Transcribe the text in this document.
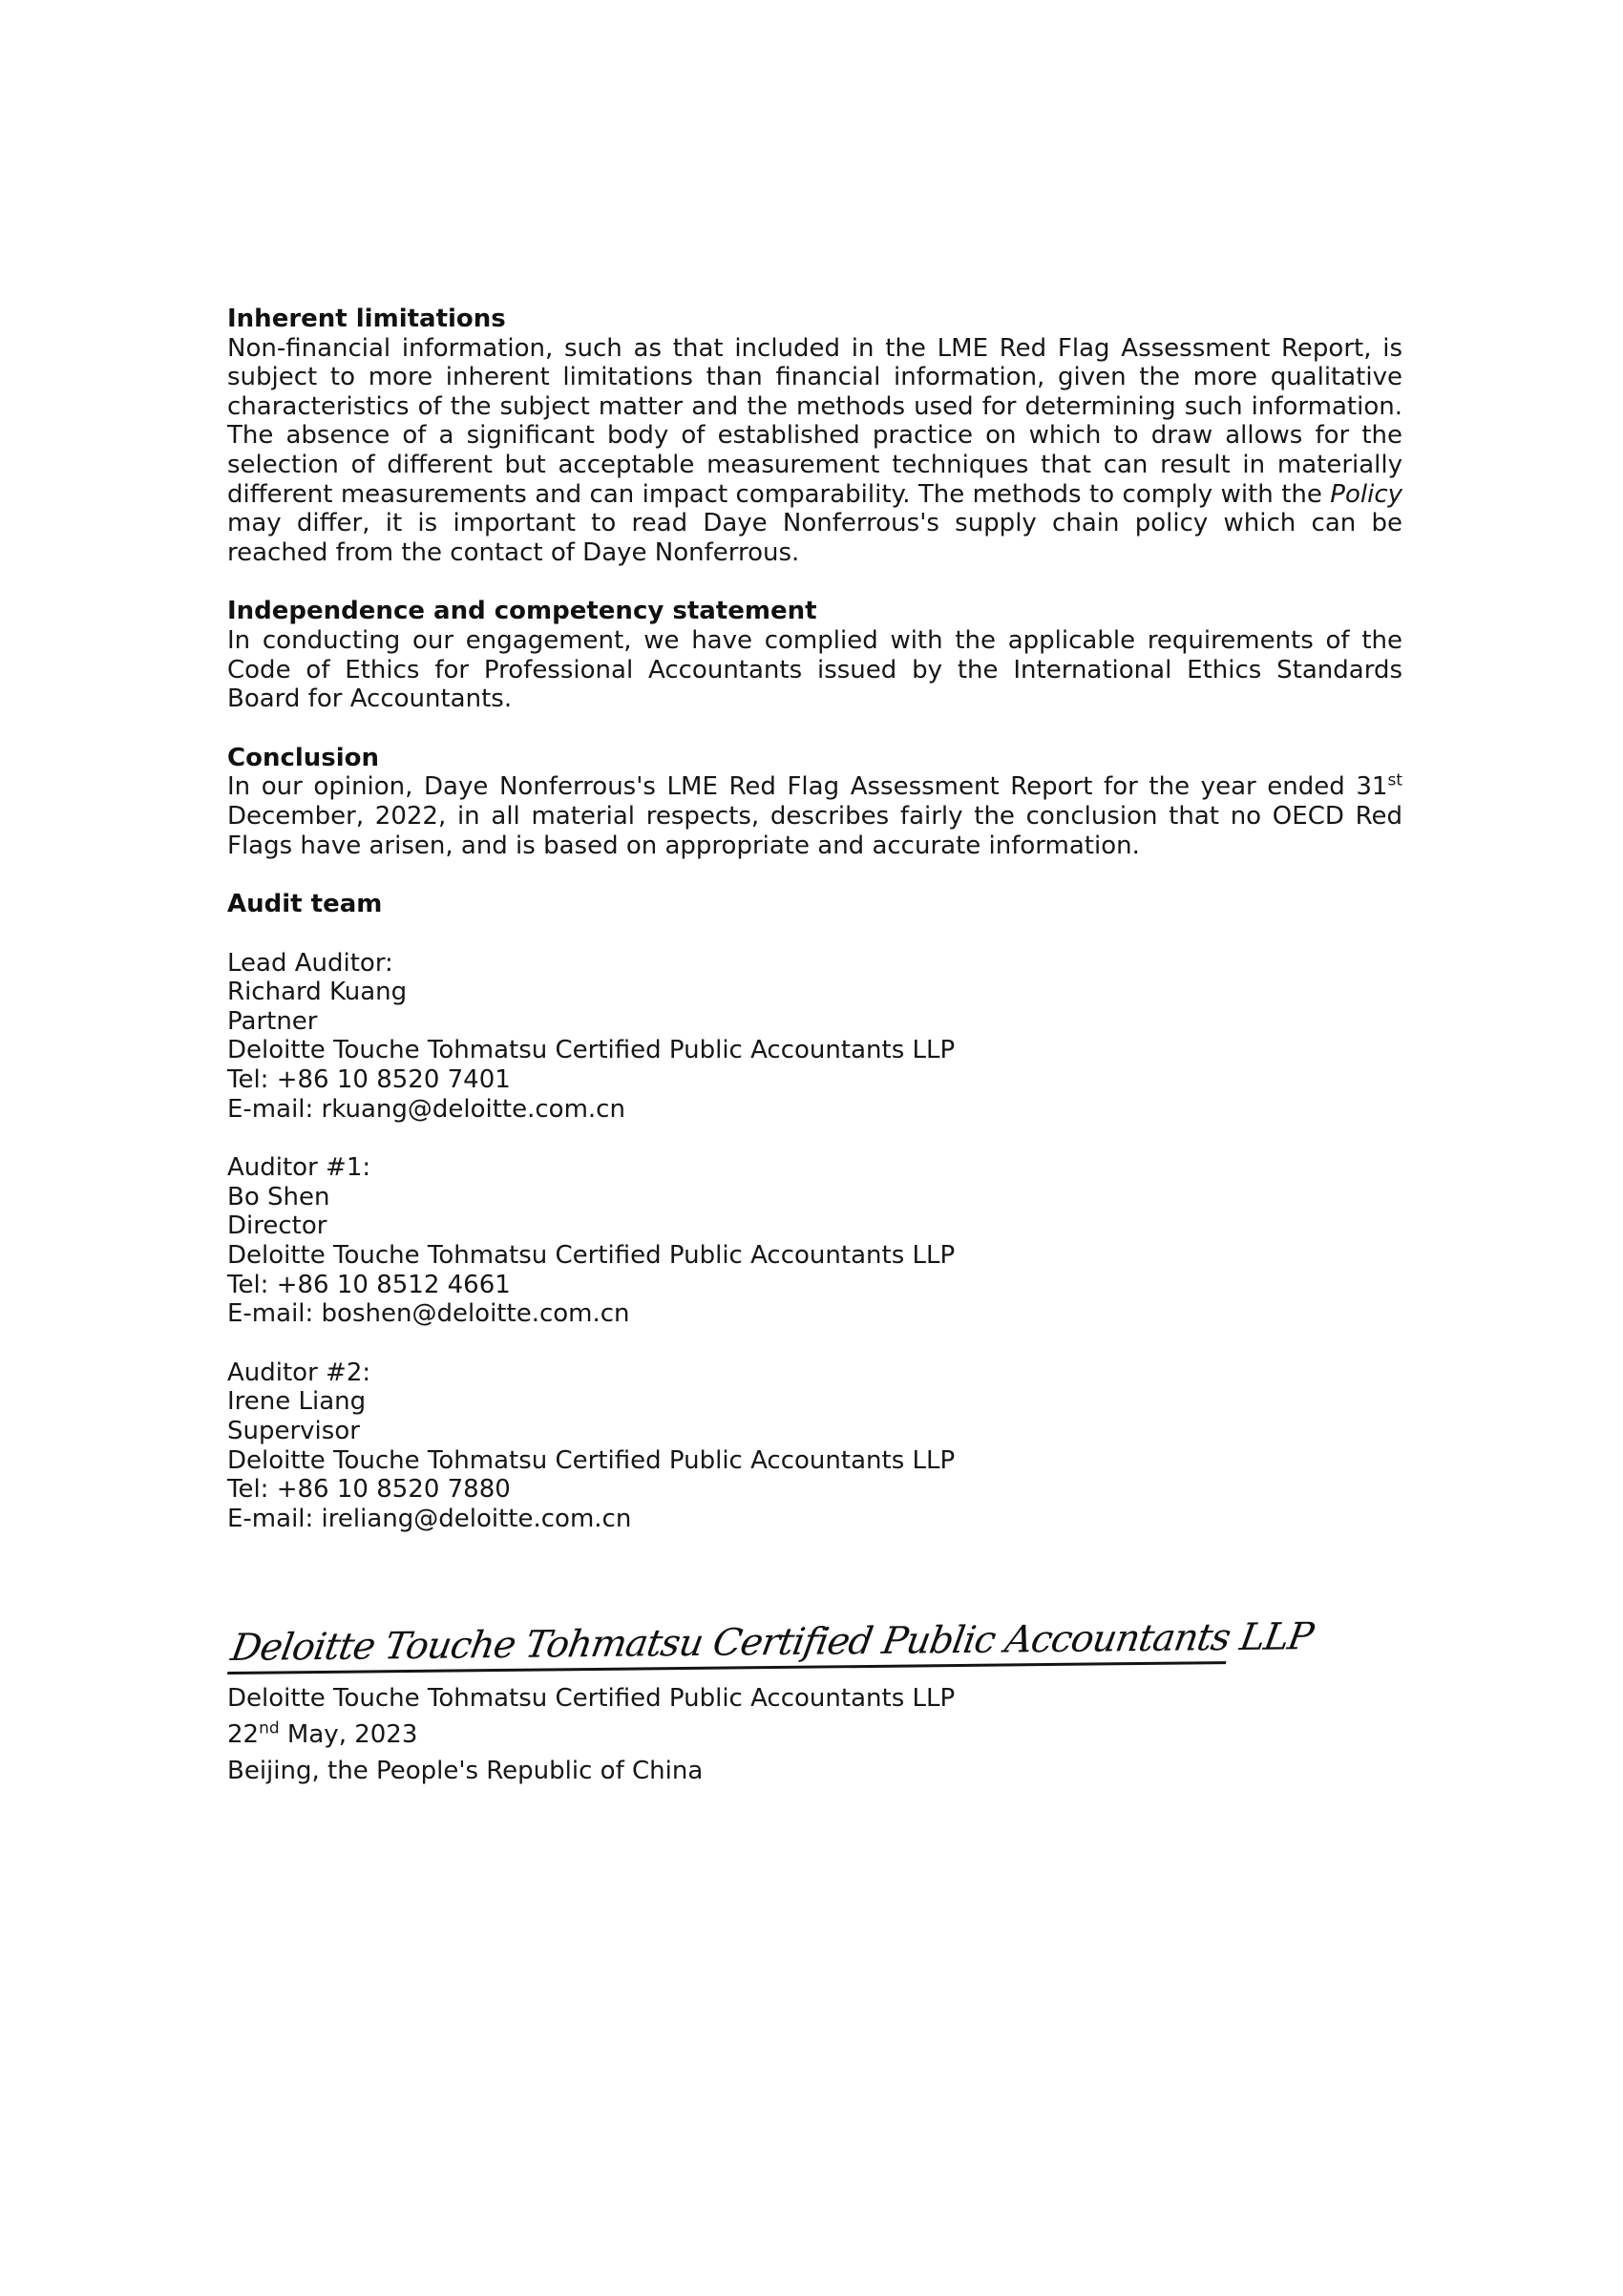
Inherent limitations

Non-financial information, such as that included in the LME Red Flag Assessment Report, is subject to more inherent limitations than financial information, given the more qualitative characteristics of the subject matter and the methods used for determining such information. The absence of a significant body of established practice on which to draw allows for the selection of different but acceptable measurement techniques that can result in materially different measurements and can impact comparability. The methods to comply with the Policy may differ, it is important to read Daye Nonferrous's supply chain policy which can be reached from the contact of Daye Nonferrous.

Independence and competency statement

In conducting our engagement, we have complied with the applicable requirements of the Code of Ethics for Professional Accountants issued by the International Ethics Standards Board for Accountants.

Conclusion

In our opinion, Daye Nonferrous's LME Red Flag Assessment Report for the year ended 31st December, 2022, in all material respects, describes fairly the conclusion that no OECD Red Flags have arisen, and is based on appropriate and accurate information.

Audit team
Lead Auditor:
Richard Kuang
Partner
Deloitte Touche Tohmatsu Certified Public Accountants LLP
Tel: +86 10 8520 7401
E-mail: rkuang@deloitte.com.cn
Auditor #1:
Bo Shen
Director
Deloitte Touche Tohmatsu Certified Public Accountants LLP
Tel: +86 10 8512 4661
E-mail: boshen@deloitte.com.cn
Auditor #2:
Irene Liang
Supervisor
Deloitte Touche Tohmatsu Certified Public Accountants LLP
Tel: +86 10 8520 7880
E-mail: ireliang@deloitte.com.cn
Deloitte Touche Tohmatsu Certified Public Accountants LLP
Deloitte Touche Tohmatsu Certified Public Accountants LLP
22nd May, 2023
Beijing, the People's Republic of China
